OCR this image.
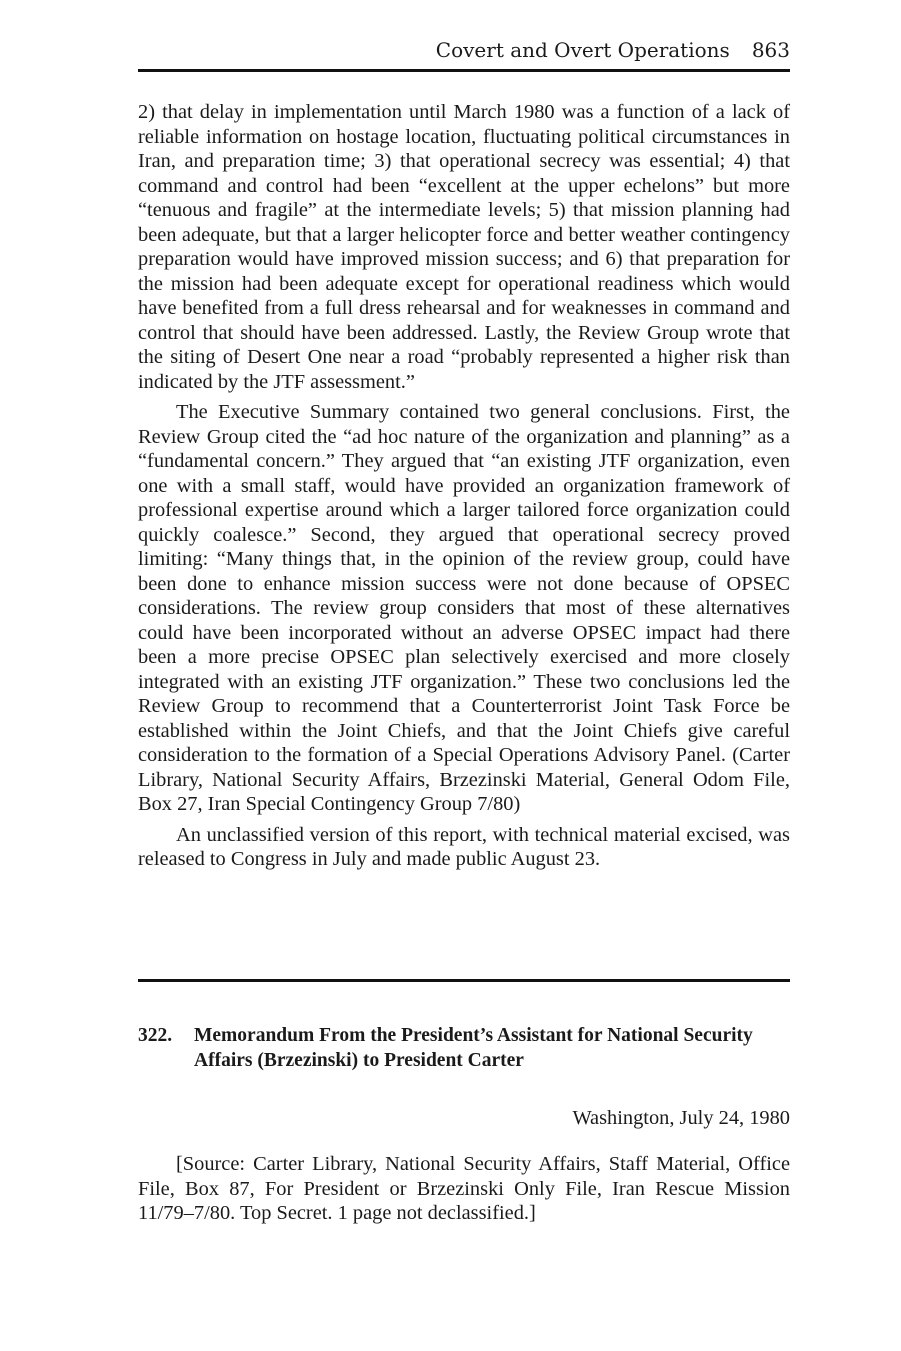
Covert and Overt Operations 863

2) that delay in implementation until March 1980 was a function of a lack of reliable information on hostage location, fluctuating political circumstances in Iran, and preparation time; 3) that operational secrecy was essential; 4) that command and control had been “excellent at the upper echelons” but more “tenuous and fragile” at the intermediate levels; 5) that mission planning had been adequate, but that a larger helicopter force and better weather contingency preparation would have improved mission success; and 6) that preparation for the mission had been adequate except for operational readiness which would have benefited from a full dress rehearsal and for weaknesses in command and control that should have been addressed. Lastly, the Review Group wrote that the siting of Desert One near a road “probably represented a higher risk than indicated by the JTF assessment.”

The Executive Summary contained two general conclusions. First, the Review Group cited the “ad hoc nature of the organization and planning” as a “fundamental concern.” They argued that “an existing JTF organization, even one with a small staff, would have provided an organization framework of professional expertise around which a larger tailored force organization could quickly coalesce.” Second, they argued that operational secrecy proved limiting: “Many things that, in the opinion of the review group, could have been done to enhance mission success were not done because of OPSEC considerations. The review group considers that most of these alternatives could have been incorporated without an adverse OPSEC impact had there been a more precise OPSEC plan selectively exercised and more closely integrated with an existing JTF organization.” These two conclusions led the Review Group to recommend that a Counterterrorist Joint Task Force be established within the Joint Chiefs, and that the Joint Chiefs give careful consideration to the formation of a Special Operations Advisory Panel. (Carter Library, National Security Affairs, Brzezinski Material, General Odom File, Box 27, Iran Special Contingency Group 7/80)

An unclassified version of this report, with technical material excised, was released to Congress in July and made public August 23.

322. Memorandum From the President’s Assistant for National Security Affairs (Brzezinski) to President Carter
Washington, July 24, 1980
[Source: Carter Library, National Security Affairs, Staff Material, Office File, Box 87, For President or Brzezinski Only File, Iran Rescue Mission 11/79–7/80. Top Secret. 1 page not declassified.]
